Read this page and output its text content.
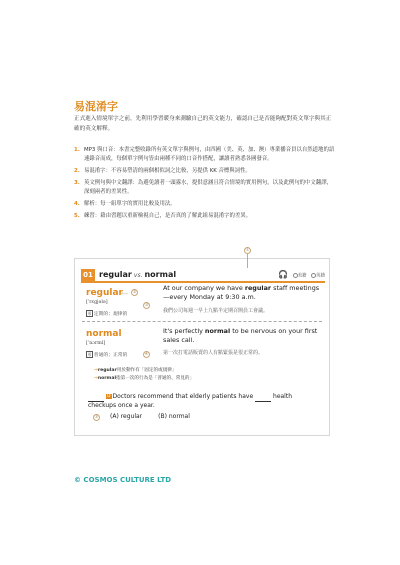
易混淆字

正式進入情境單字之前，先利用學習暖身來測驗自己的英文能力，確認自己是否能夠配對英文單字與其正確的英文解釋。

1. MP3 與口音：本書完整收錄所有英文單字與例句，由四國（美、英、加、澳）專業播音員以自然道地的語速錄音而成，每個單字例句皆由兩種不同的口音作搭配，讓讀者熟悉各國發音。
2. 易混淆字：不容易塑清的兩個相似詞之比較，另提供 KK 音標與詞性。
3. 英文例句與中文翻譯：為避免讀者一頭霧水，提供意涵且符合情境的實用例句，以及此例句的中文翻譯，深刻兩者的差異性。
4. 解析：每一組單字的實用比較及用法。
5. 練習：藉由習題以重新檢視自己，是否真的了解此組易混淆字的差異。
01 regular vs. normal	🎧 美籍 英籍
①
regular
⟵ ②
[ˈrɛgjələ]
形 定期的；規律的
③
At our company we have regular staff meetings—every Monday at 9:30 a.m.
我們公司每週一早上九點半定期召開員工會議。
normal
[ˈnɔrml]
形 普通的；正常的	④
It's perfectly normal to be nervous on your first sales call.
第一次打電話販賣的人有點緊張是很正常的。
⇒regular用於動作有「固定的或規律」
⇒normal指第一次的行為是「普通的、常見的」
D Doctors recommend that elderly patients have	health checkups once a year.
⑤ (A) regular	(B) normal
© COSMOS CULTURE LTD
